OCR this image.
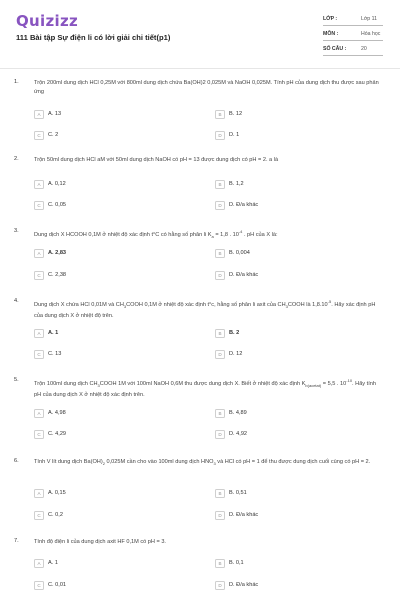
Quizizz
111 Bài tập Sự điện li có lời giải chi tiết(p1)
LỚP :	Lớp 11
MÔN :	Hóa học
SỐ CÂU :	20
1.	Trộn 200ml dung dịch HCl 0,25M với 800ml dung dịch chứa Ba(OH)2 0,025M và NaOH 0,025M. Tính pH của dung dịch thu được sau phản ứng
A	A. 13	B	B. 12
C	C. 2	D	D. 1
2.	Trộn 50ml dung dịch HCl aM với 50ml dung dịch NaOH có pH = 13 được dung dịch có pH = 2. a là
A	A. 0,12	B	B. 1,2
C	C. 0,05	D	D. Đ/a khác
3.
Dung dịch X HCOOH 0,1M ở nhiệt độ xác định t°C có hằng số phân li $K_a = 1,8$ . $10^{-4}$ . pH của X là:
A	A. 2,83	B	B. 0,004
C	C. 2,38	D	D. Đ/a khác
4.
Dung dịch X chứa HCl 0,01M và $CH_3COOH$ 0,1M ở nhiệt độ xác định t°c, hằng số phân li axit của $CH_3COOH$ là $1,8.10^{-5}$. Hãy xác định pH của dung dịch X ở nhiệt độ trên.
A	A. 1	B	B. 2
C	C. 13	D	D. 12
5.
Trộn 100ml dung dịch $CH_3COOH$ 1M với 100ml NaOH 0,6M thu được dung dịch X. Biết ở nhiệt độ xác định $K_{b(acetat)} = 5,5$ . $10^{-10}$. Hãy tính pH của dung dịch X ở nhiệt độ xác định trên.
A	A. 4,98	B	B. 4,89
C	C. 4,29	D	D. 4,92
6.	Tính V lít dung dịch $Ba(OH)_2$ 0,025M cần cho vào 100ml dung dịch $HNO_3$ và HCl có pH = 1 để thu được dung dịch cuối cùng có pH = 2.
A	A. 0,15	B	B. 0,51
C	C. 0,2	D	D. Đ/a khác
7.	Tính độ điện li của dung dịch axit HF 0,1M có pH = 3.
A	A. 1	B	B. 0,1
C	C. 0,01	D	D. Đ/a khác
